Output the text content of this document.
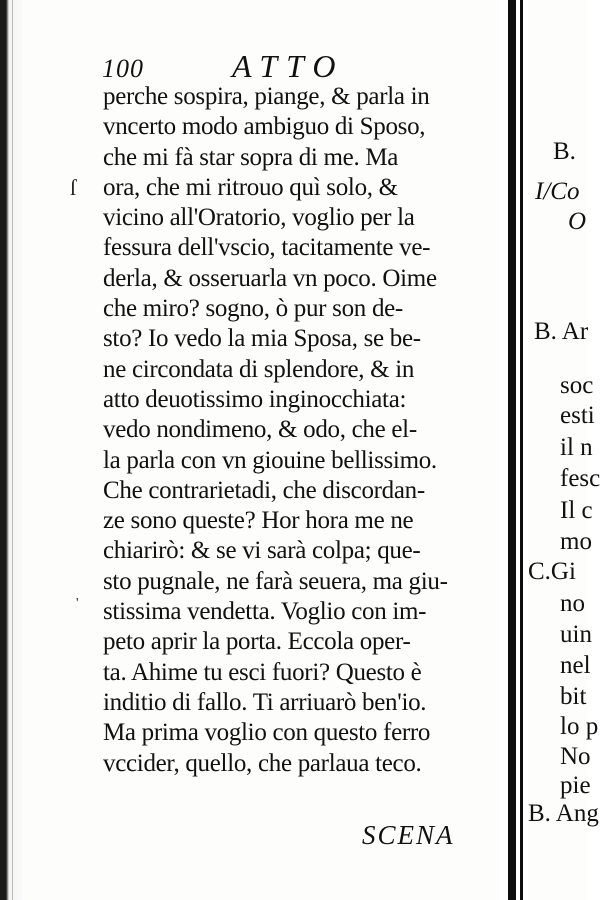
100	ATTO
ſ
'
perche sospira, piange, & parla in
vncerto modo ambiguo di Sposo,
che mi fà star sopra di me. Ma
ora, che mi ritrouo quì solo, &
vicino all'Oratorio, voglio per la
fessura dell'vscio, tacitamente ve-
derla, & osseruarla vn poco. Oime
che miro? sogno, ò pur son de-
sto? Io vedo la mia Sposa, se be-
ne circondata di splendore, & in
atto deuotissimo inginocchiata:
vedo nondimeno, & odo, che el-
la parla con vn giouine bellissimo.
Che contrarietadi, che discordan-
ze sono queste? Hor hora me ne
chiarirò: & se vi sarà colpa; que-
sto pugnale, ne farà seuera, ma giu-
stissima vendetta. Voglio con im-
peto aprir la porta. Eccola oper-
ta. Ahime tu esci fuori? Questo è
inditio di fallo. Ti arriuarò ben'io.
Ma prima voglio con questo ferro
vccider, quello, che parlaua teco.
SCENA
B.
I/Co
O
B. Ar
soc
esti
il n
fesc
Il c
mo
C.Gi
no
uin
nel
bit
lo p
No
pie
B. Ang
